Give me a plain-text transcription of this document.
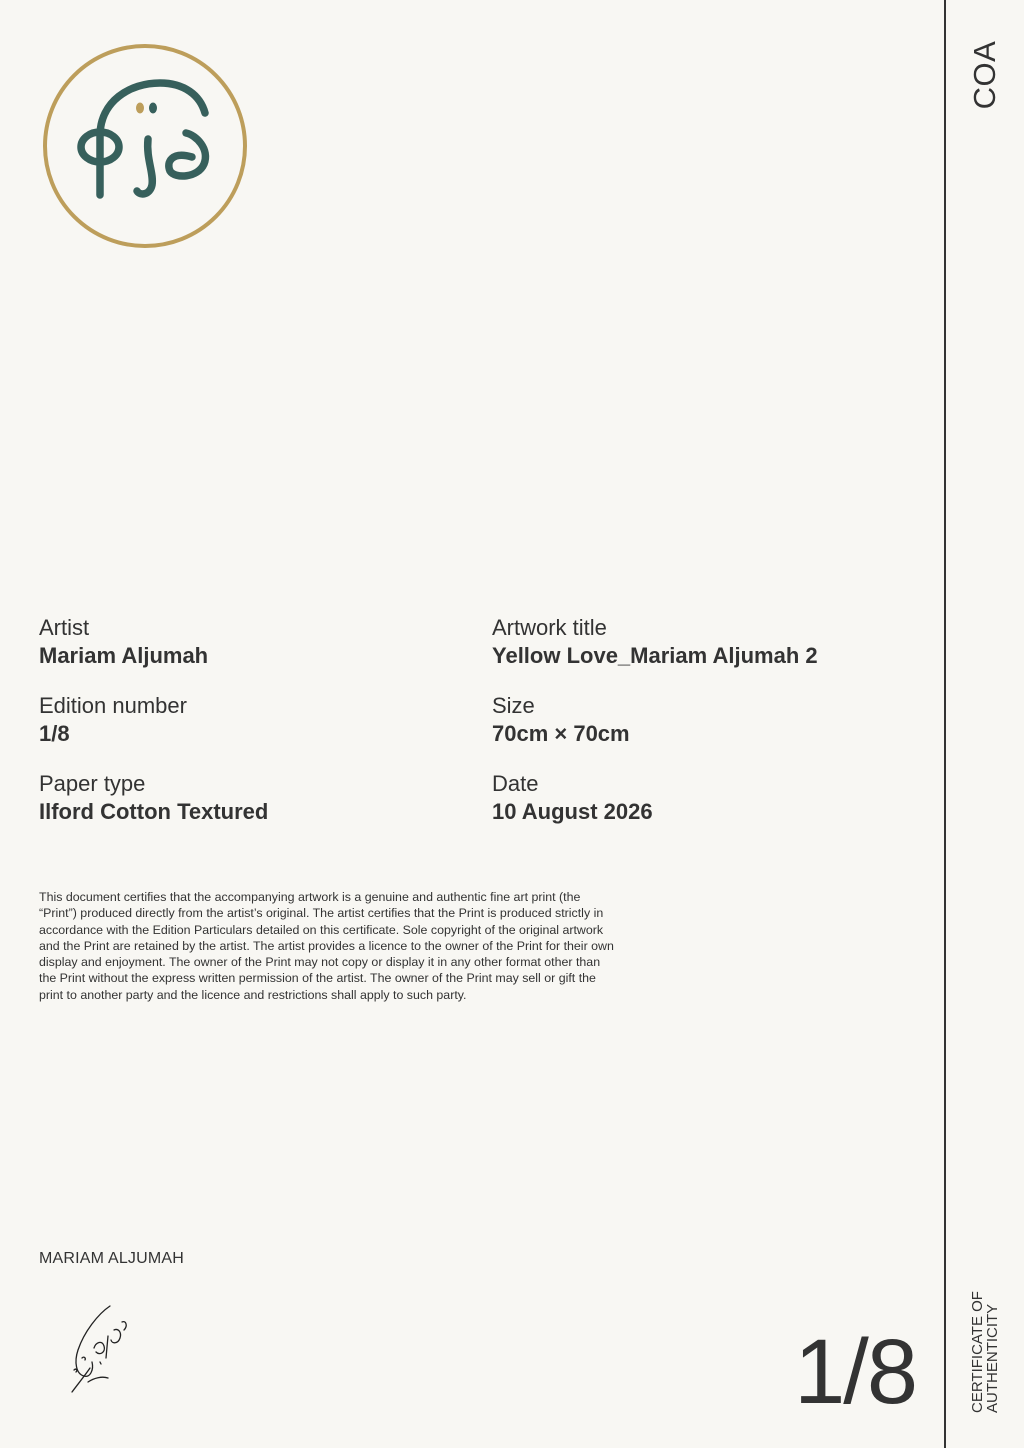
COA
CERTIFICATE OF
AUTHENTICITY
Artist
Mariam Aljumah
Artwork title
Yellow Love_Mariam Aljumah 2
Edition number
1/8
Size
70cm × 70cm
Paper type
Ilford Cotton Textured
Date
10 August 2026
This document certifies that the accompanying artwork is a genuine and authentic fine art print (the “Print”) produced directly from the artist’s original. The artist certifies that the Print is produced strictly in accordance with the Edition Particulars detailed on this certificate. Sole copyright of the original artwork and the Print are retained by the artist. The artist provides a licence to the owner of the Print for their own display and enjoyment. The owner of the Print may not copy or display it in any other format other than the Print without the express written permission of the artist. The owner of the Print may sell or gift the print to another party and the licence and restrictions shall apply to such party.
MARIAM ALJUMAH
1/8
